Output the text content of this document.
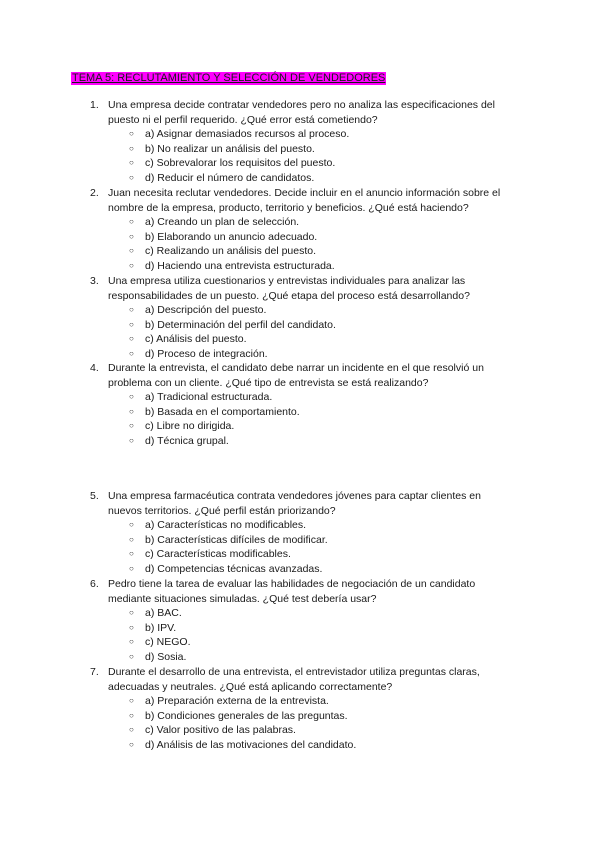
TEMA 5: RECLUTAMIENTO Y SELECCIÓN DE VENDEDORES
1. Una empresa decide contratar vendedores pero no analiza las especificaciones del puesto ni el perfil requerido. ¿Qué error está cometiendo?
○ a) Asignar demasiados recursos al proceso.
○ b) No realizar un análisis del puesto.
○ c) Sobrevalorar los requisitos del puesto.
○ d) Reducir el número de candidatos.
2. Juan necesita reclutar vendedores. Decide incluir en el anuncio información sobre el nombre de la empresa, producto, territorio y beneficios. ¿Qué está haciendo?
○ a) Creando un plan de selección.
○ b) Elaborando un anuncio adecuado.
○ c) Realizando un análisis del puesto.
○ d) Haciendo una entrevista estructurada.
3. Una empresa utiliza cuestionarios y entrevistas individuales para analizar las responsabilidades de un puesto. ¿Qué etapa del proceso está desarrollando?
○ a) Descripción del puesto.
○ b) Determinación del perfil del candidato.
○ c) Análisis del puesto.
○ d) Proceso de integración.
4. Durante la entrevista, el candidato debe narrar un incidente en el que resolvió un problema con un cliente. ¿Qué tipo de entrevista se está realizando?
○ a) Tradicional estructurada.
○ b) Basada en el comportamiento.
○ c) Libre no dirigida.
○ d) Técnica grupal.
5. Una empresa farmacéutica contrata vendedores jóvenes para captar clientes en nuevos territorios. ¿Qué perfil están priorizando?
○ a) Características no modificables.
○ b) Características difíciles de modificar.
○ c) Características modificables.
○ d) Competencias técnicas avanzadas.
6. Pedro tiene la tarea de evaluar las habilidades de negociación de un candidato mediante situaciones simuladas. ¿Qué test debería usar?
○ a) BAC.
○ b) IPV.
○ c) NEGO.
○ d) Sosia.
7. Durante el desarrollo de una entrevista, el entrevistador utiliza preguntas claras, adecuadas y neutrales. ¿Qué está aplicando correctamente?
○ a) Preparación externa de la entrevista.
○ b) Condiciones generales de las preguntas.
○ c) Valor positivo de las palabras.
○ d) Análisis de las motivaciones del candidato.
